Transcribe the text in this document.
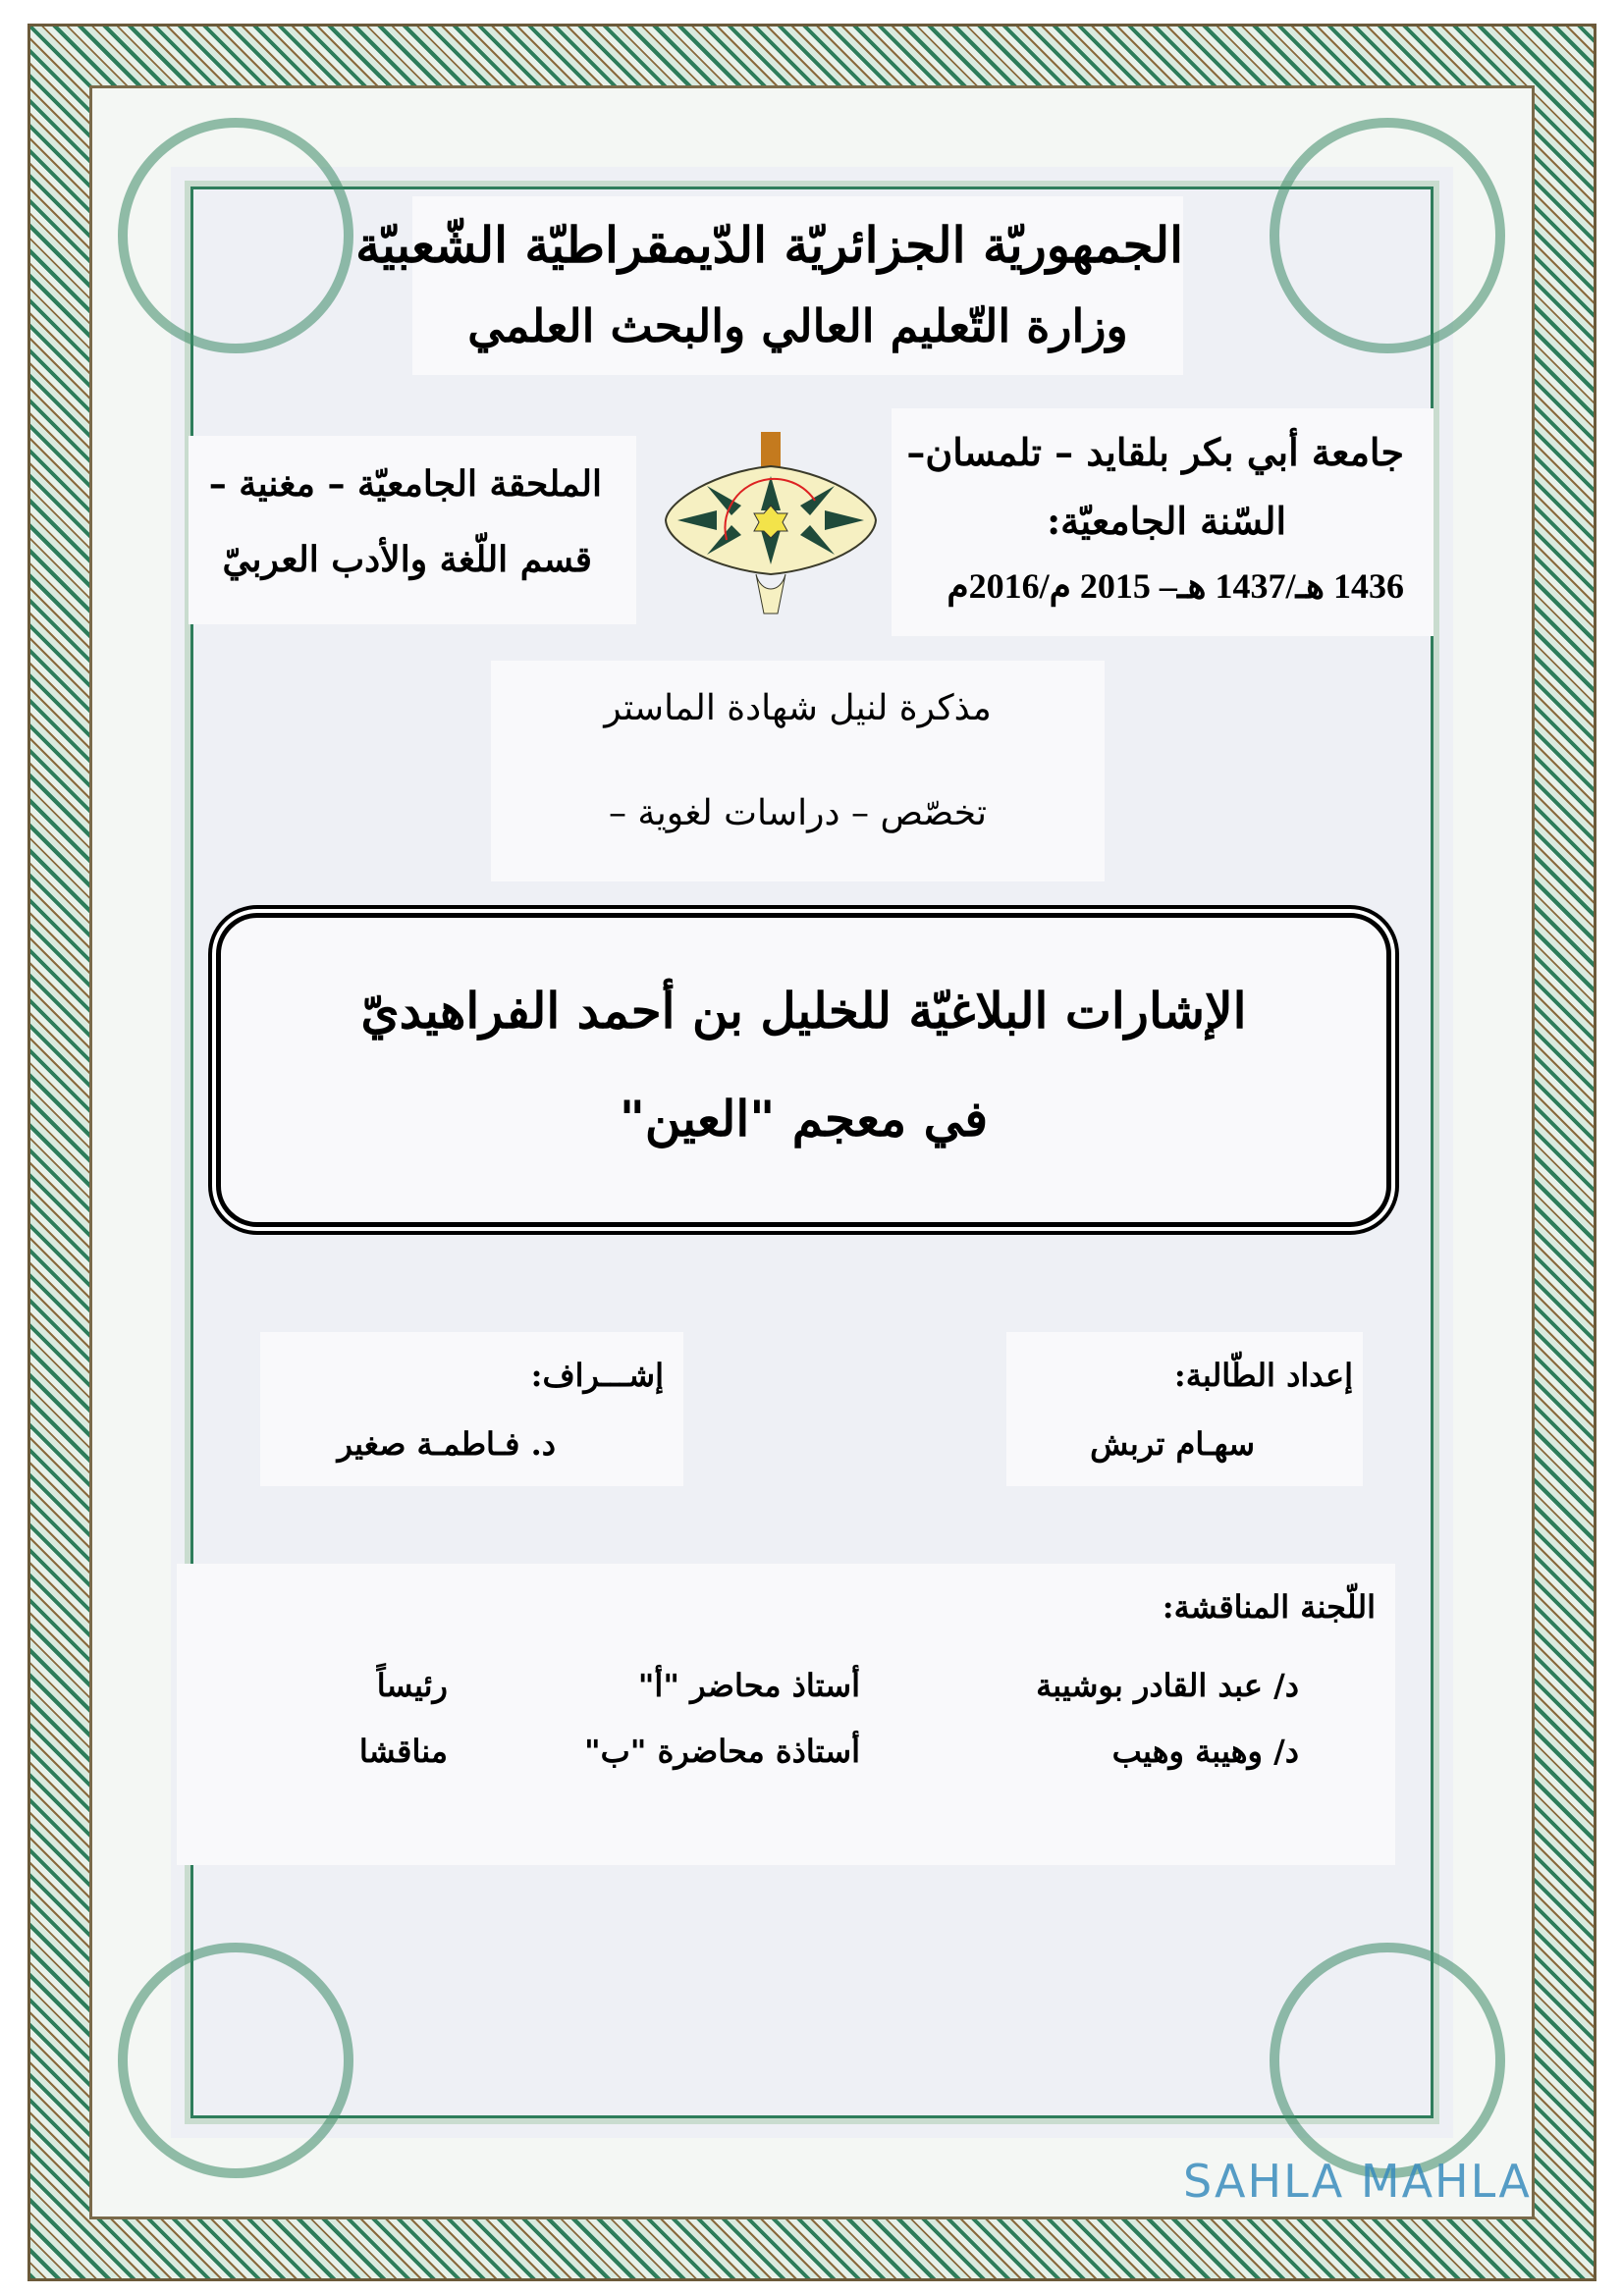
الجمهوريّة الجزائريّة الدّيمقراطيّة الشّعبيّة
وزارة التّعليم العالي والبحث العلمي
جامعة أبي بكر بلقايد – تلمسان–
السّنة الجامعيّة:
1436 هـ/1437 هـ– 2015 م/2016م
الملحقة الجامعيّة – مغنية –
قسم اللّغة والأدب العربيّ
مذكرة لنيل شهادة الماستر
تخصّص – دراسات لغوية –
الإشارات البلاغيّة للخليل بن أحمد الفراهيديّ
في معجم "العين"
إشـــراف:
د. فـاطمـة صغير
إعداد الطّالبة:
سهـام تربش
اللّجنة المناقشة:
د/ عبد القادر بوشيبة
أستاذ محاضر "أ"
رئيساً
د/ وهيبة وهيب
أستاذة محاضرة "ب"
مناقشا
SAHLA MAHLA
